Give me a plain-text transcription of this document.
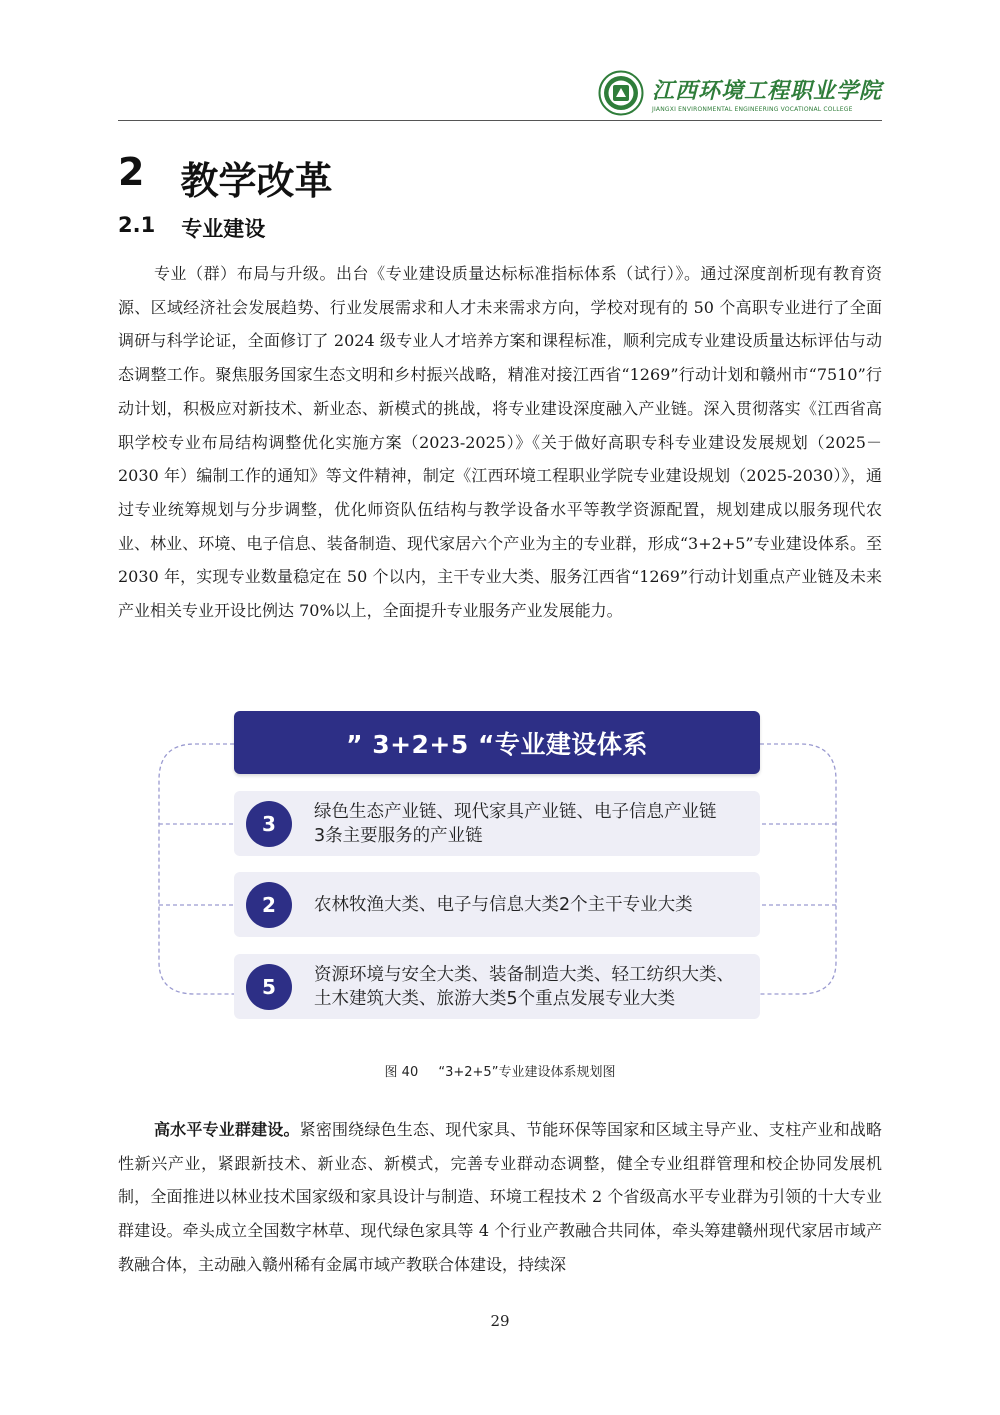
江西环境工程职业学院
JIANGXI ENVIRONMENTAL ENGINEERING VOCATIONAL COLLEGE
2 教学改革
2.1 专业建设
专业（群）布局与升级。出台《专业建设质量达标标准指标体系（试行）》。通过深度剖析现有教育资源、区域经济社会发展趋势、行业发展需求和人才未来需求方向，学校对现有的 50 个高职专业进行了全面调研与科学论证，全面修订了 2024 级专业人才培养方案和课程标准，顺利完成专业建设质量达标评估与动态调整工作。聚焦服务国家生态文明和乡村振兴战略，精准对接江西省“1269”行动计划和赣州市“7510”行动计划，积极应对新技术、新业态、新模式的挑战，将专业建设深度融入产业链。深入贯彻落实《江西省高职学校专业布局结构调整优化实施方案（2023-2025）》《关于做好高职专科专业建设发展规划（2025－2030 年）编制工作的通知》等文件精神，制定《江西环境工程职业学院专业建设规划（2025-2030）》，通过专业统筹规划与分步调整，优化师资队伍结构与教学设备水平等教学资源配置，规划建成以服务现代农业、林业、环境、电子信息、装备制造、现代家居六个产业为主的专业群，形成“3+2+5”专业建设体系。至 2030 年，实现专业数量稳定在 50 个以内，主干专业大类、服务江西省“1269”行动计划重点产业链及未来产业相关专业开设比例达 70%以上，全面提升专业服务产业发展能力。
” 3+2+5 “专业建设体系
3	绿色生态产业链、现代家具产业链、电子信息产业链
3条主要服务的产业链
2	农林牧渔大类、电子与信息大类2个主干专业大类
5	资源环境与安全大类、装备制造大类、轻工纺织大类、
土木建筑大类、旅游大类5个重点发展专业大类
图 40 “3+2+5”专业建设体系规划图
高水平专业群建设。紧密围绕绿色生态、现代家具、节能环保等国家和区域主导产业、支柱产业和战略性新兴产业，紧跟新技术、新业态、新模式，完善专业群动态调整，健全专业组群管理和校企协同发展机制，全面推进以林业技术国家级和家具设计与制造、环境工程技术 2 个省级高水平专业群为引领的十大专业群建设。牵头成立全国数字林草、现代绿色家具等 4 个行业产教融合共同体，牵头筹建赣州现代家居市域产教融合体，主动融入赣州稀有金属市域产教联合体建设，持续深
29
